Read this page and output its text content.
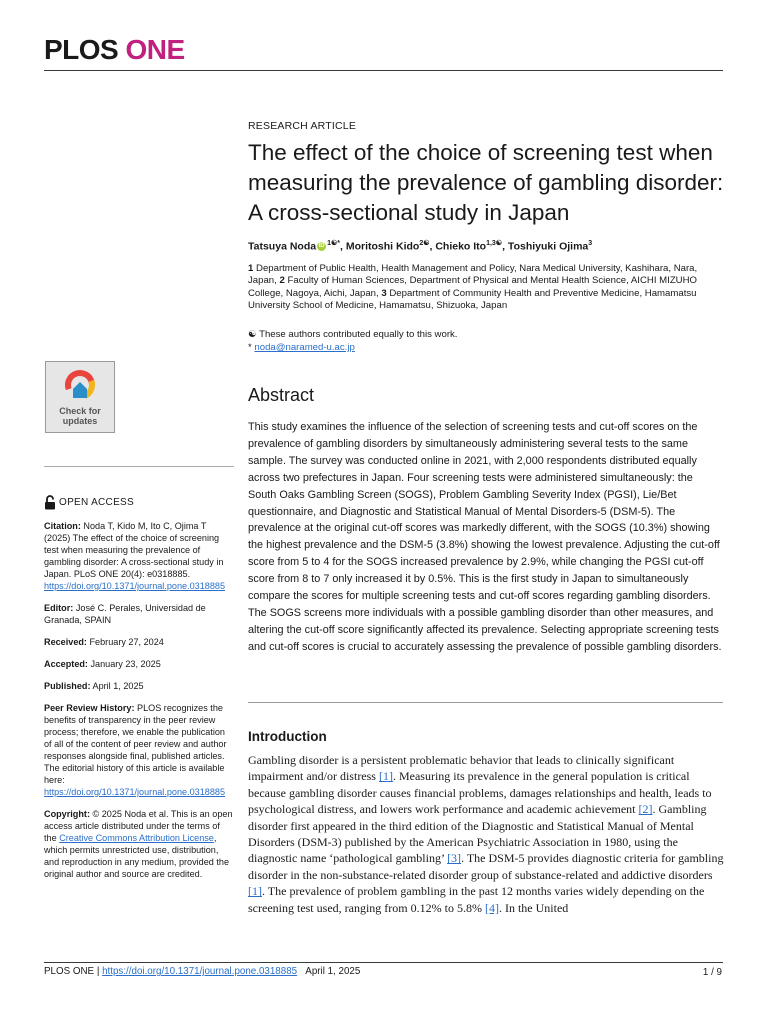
PLOS ONE
RESEARCH ARTICLE
The effect of the choice of screening test when measuring the prevalence of gambling disorder: A cross-sectional study in Japan
Tatsuya Noda iD $^{1☯*}$, Moritoshi Kido$^{2☯}$, Chieko Ito$^{1,3☯}$, Toshiyuki Ojima$^3$
1 Department of Public Health, Health Management and Policy, Nara Medical University, Kashihara, Nara, Japan, 2 Faculty of Human Sciences, Department of Physical and Mental Health Science, AICHI MIZUHO College, Nagoya, Aichi, Japan, 3 Department of Community Health and Preventive Medicine, Hamamatsu University School of Medicine, Hamamatsu, Shizuoka, Japan
☯ These authors contributed equally to this work.
* noda@naramed-u.ac.jp
Check for updates
OPEN ACCESS
Citation: Noda T, Kido M, Ito C, Ojima T (2025) The effect of the choice of screening test when measuring the prevalence of gambling disorder: A cross-sectional study in Japan. PLoS ONE 20(4): e0318885. https://doi.org/10.1371/journal.pone.0318885
Editor: José C. Perales, Universidad de Granada, SPAIN
Received: February 27, 2024
Accepted: January 23, 2025
Published: April 1, 2025
Peer Review History: PLOS recognizes the benefits of transparency in the peer review process; therefore, we enable the publication of all of the content of peer review and author responses alongside final, published articles. The editorial history of this article is available here: https://doi.org/10.1371/journal.pone.0318885
Copyright: © 2025 Noda et al. This is an open access article distributed under the terms of the Creative Commons Attribution License, which permits unrestricted use, distribution, and reproduction in any medium, provided the original author and source are credited.
Abstract
This study examines the influence of the selection of screening tests and cut-off scores on the prevalence of gambling disorders by simultaneously administering several tests to the same sample. The survey was conducted online in 2021, with 2,000 respondents distributed equally across two prefectures in Japan. Four screening tests were administered simultaneously: the South Oaks Gambling Screen (SOGS), Problem Gambling Severity Index (PGSI), Lie/Bet questionnaire, and Diagnostic and Statistical Manual of Mental Disorders-5 (DSM-5). The prevalence at the original cut-off scores was markedly different, with the SOGS (10.3%) showing the highest prevalence and the DSM-5 (3.8%) showing the lowest prevalence. Adjusting the cut-off score from 5 to 4 for the SOGS increased prevalence by 2.9%, while changing the PGSI cut-off score from 8 to 7 only increased it by 0.5%. This is the first study in Japan to simultaneously compare the scores for multiple screening tests and cut-off scores regarding gambling disorders. The SOGS screens more individuals with a possible gambling disorder than other measures, and altering the cut-off score significantly affected its prevalence. Selecting appropriate screening tests and cut-off scores is crucial to accurately assessing the prevalence of possible gambling disorders.
Introduction
Gambling disorder is a persistent problematic behavior that leads to clinically significant impairment and/or distress [1]. Measuring its prevalence in the general population is critical because gambling disorder causes financial problems, damages relationships and health, leads to psychological distress, and lowers work performance and academic achievement [2]. Gambling disorder first appeared in the third edition of the Diagnostic and Statistical Manual of Mental Disorders (DSM-3) published by the American Psychiatric Association in 1980, using the diagnostic name ‘pathological gambling’ [3]. The DSM-5 provides diagnostic criteria for gambling disorder in the non-substance-related disorder group of substance-related and addictive disorders [1]. The prevalence of problem gambling in the past 12 months varies widely depending on the screening test used, ranging from 0.12% to 5.8% [4]. In the United
PLOS ONE | https://doi.org/10.1371/journal.pone.0318885 April 1, 2025	1 / 9
